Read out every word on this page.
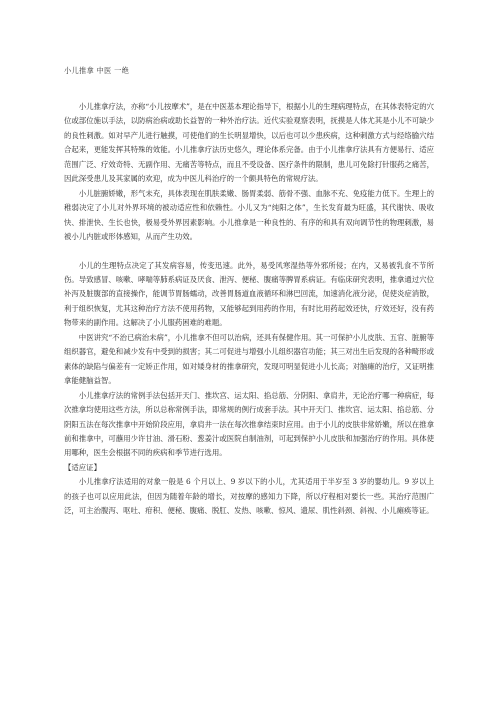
小儿推拿 中医 一绝

小儿推拿疗法，亦称“小儿按摩术”，是在中医基本理论指导下，根据小儿的生理病理特点，在其体表特定的穴位或部位施以手法，以防病治病或助长益智的一种外治疗法。近代实验观察表明，抚摸是人体尤其是小儿不可缺少的良性刺激。如对早产儿进行触摸，可使他们的生长明显增快，以后也可以少患疾病，这种刺激方式与经络腧穴结合起来，更能发挥其特殊的效能。小儿推拿疗法历史悠久，理论体系完备。由于小儿推拿疗法具有方便易行、适应范围广泛、疗效奇特、无副作用、无痛苦等特点，而且不受设备、医疗条件的限制，患儿可免除打针服药之痛苦，因此深受患儿及其家属的欢迎，成为中医儿科治疗的一个颇具特色的常规疗法。

小儿脏腑娇嫩，形气未充，具体表现在肌肤柔嫩、肠胃柔弱、筋骨不强、血脉不充、免疫能力低下。生理上的稚弱决定了小儿对外界环境的被动适应性和依赖性。小儿又为“纯阳之体”，生长发育最为旺盛，其代谢快、吸收快、排泄快、生长也快，极易受外界因素影响。小儿推拿是一种良性的、有序的和具有双向调节性的物理刺激，易被小儿内脏或形体感知，从而产生功效。

小儿的生理特点决定了其发病容易，传变迅速。此外，易受风寒湿热等外邪所侵；在内，又易被乳食不节所伤。导致感冒、咳嗽、哮喘等肺系病证及厌食、泄泻、便秘、腹痛等脾胃系病证。有临床研究表明，推拿通过穴位补泻及脏腹部的直接操作，能调节胃肠蠕动，改善胃肠道血液循环和淋巴回流，加速消化液分泌，促使炎症消散，利于组织恢复，尤其这种治疗方法不使用药物，又能够起到用药的作用，有时比用药起效还快，疗效还好，没有药物带来的副作用。这解决了小儿服药困难的难题。

中医讲究“不治已病治未病”，小儿推拿不但可以治病，还具有保健作用。其一可保护小儿皮肤、五官、脏腑等组织器官，避免和减少发有中受到的损害；其二可促进与增强小儿组织器官功能；其三对出生后发现的各种畸形或素体的缺陷与偏差有一定矫正作用，如对矮身材的推拿研究，发现可明显促进小儿长高；对脑瘫的治疗，又证明推拿能健脑益智。

小儿推拿疗法的常例手法包括开天门、推坎宫、运太阳、掐总筋、分阴阳、拿肩井，无论治疗哪一种病症，每次推拿均使用这些方法，所以总称常例手法，即常规的例行成套手法。其中开天门、推坎宫、运太阳、掐总筋、分阴阳五法在每次推拿中开始阶段应用，拿肩井一法在每次推拿结束时应用。由于小儿的皮肤非常娇嫩，所以在推拿前和推拿中，可蘸用少许甘油、滑石粉、葱姜汁或医院自制油剂，可起到保护小儿皮肤和加强治疗的作用。具体使用哪种，医生会根据不同的疾病和季节进行选用。

【适应证】

小儿推拿疗法适用的对象一般是 6 个月以上、9 岁以下的小儿，尤其适用于半岁至 3 岁的婴幼儿。9 岁以上的孩子也可以应用此法，但因为随着年龄的增长，对按摩的感知力下降，所以疗程相对要长一些。其治疗范围广泛，可主治腹泻、呕吐、疳积、便秘、腹痛、脱肛、发热、咳嗽、惊风、遗尿、肌性斜颈、斜视、小儿瘫痪等证。
